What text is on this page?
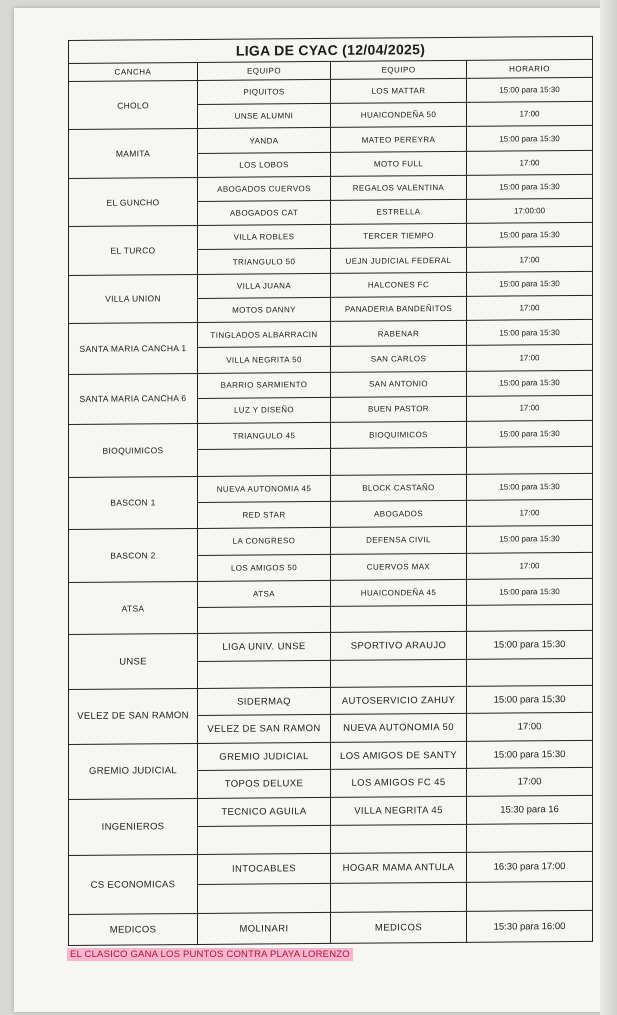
LIGA DE CYAC (12/04/2025)			
CANCHA	EQUIPO	EQUIPO	HORARIO
CHOLO	PIQUITOS	LOS MATTAR	15:00 para 15:30
	UNSE ALUMNI	HUAICONDEÑA 50	17:00
MAMITA	YANDA	MATEO PEREYRA	15:00 para 15:30
	LOS LOBOS	MOTO FULL	17:00
EL GUNCHO	ABOGADOS CUERVOS	REGALOS VALENTINA	15:00 para 15:30
	ABOGADOS CAT	ESTRELLA	17:00:00
EL TURCO	VILLA ROBLES	TERCER TIEMPO	15:00 para 15:30
	TRIANGULO 50	UEJN JUDICIAL FEDERAL	17:00
VILLA UNION	VILLA JUANA	HALCONES FC	15:00 para 15:30
	MOTOS DANNY	PANADERIA BANDEÑITOS	17:00
SANTA MARIA CANCHA 1	TINGLADOS ALBARRACIN	RABENAR	15:00 para 15:30
	VILLA NEGRITA 50	SAN CARLOS	17:00
SANTA MARIA CANCHA 6	BARRIO SARMIENTO	SAN ANTONIO	15:00 para 15:30
	LUZ Y DISEÑO	BUEN PASTOR	17:00
BIOQUIMICOS	TRIANGULO 45	BIOQUIMICOS	15:00 para 15:30

BASCON 1	NUEVA AUTONOMIA 45	BLOCK CASTAÑO	15:00 para 15:30
	RED STAR	ABOGADOS	17:00
BASCON 2	LA CONGRESO	DEFENSA CIVIL	15:00 para 15:30
	LOS AMIGOS 50	CUERVOS MAX	17:00
ATSA	ATSA	HUAICONDEÑA 45	15:00 para 15:30

UNSE	LIGA UNIV. UNSE	SPORTIVO ARAUJO	15:00 para 15:30

VELEZ DE SAN RAMON	SIDERMAQ	AUTOSERVICIO ZAHUY	15:00 para 15:30
	VELEZ DE SAN RAMON	NUEVA AUTONOMIA 50	17:00
GREMIO JUDICIAL	GREMIO JUDICIAL	LOS AMIGOS DE SANTY	15:00 para 15:30
	TOPOS DELUXE	LOS AMIGOS FC 45	17:00
INGENIEROS	TECNICO AGUILA	VILLA NEGRITA 45	15:30 para 16

CS ECONOMICAS	INTOCABLES	HOGAR MAMA ANTULA	16:30 para 17:00

MEDICOS	MOLINARI	MEDICOS	15:30 para 16:00
EL CLASICO GANA LOS PUNTOS CONTRA PLAYA LORENZO
